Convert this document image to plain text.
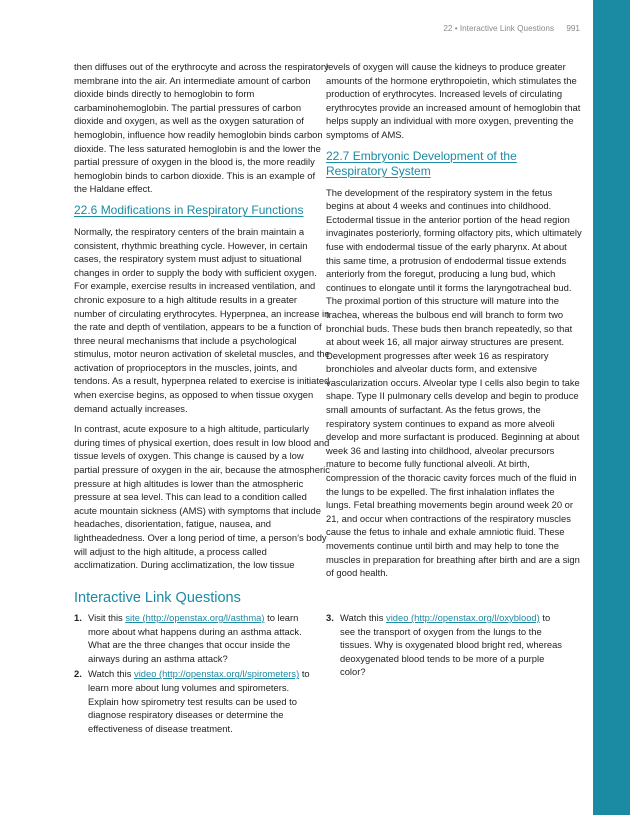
22 • Interactive Link Questions 991

then diffuses out of the erythrocyte and across the respiratory membrane into the air. An intermediate amount of carbon dioxide binds directly to hemoglobin to form carbaminohemoglobin. The partial pressures of carbon dioxide and oxygen, as well as the oxygen saturation of hemoglobin, influence how readily hemoglobin binds carbon dioxide. The less saturated hemoglobin is and the lower the partial pressure of oxygen in the blood is, the more readily hemoglobin binds to carbon dioxide. This is an example of the Haldane effect.

22.6 Modifications in Respiratory Functions

Normally, the respiratory centers of the brain maintain a consistent, rhythmic breathing cycle. However, in certain cases, the respiratory system must adjust to situational changes in order to supply the body with sufficient oxygen. For example, exercise results in increased ventilation, and chronic exposure to a high altitude results in a greater number of circulating erythrocytes. Hyperpnea, an increase in the rate and depth of ventilation, appears to be a function of three neural mechanisms that include a psychological stimulus, motor neuron activation of skeletal muscles, and the activation of proprioceptors in the muscles, joints, and tendons. As a result, hyperpnea related to exercise is initiated when exercise begins, as opposed to when tissue oxygen demand actually increases.

In contrast, acute exposure to a high altitude, particularly during times of physical exertion, does result in low blood and tissue levels of oxygen. This change is caused by a low partial pressure of oxygen in the air, because the atmospheric pressure at high altitudes is lower than the atmospheric pressure at sea level. This can lead to a condition called acute mountain sickness (AMS) with symptoms that include headaches, disorientation, fatigue, nausea, and lightheadedness. Over a long period of time, a person’s body will adjust to the high altitude, a process called acclimatization. During acclimatization, the low tissue

levels of oxygen will cause the kidneys to produce greater amounts of the hormone erythropoietin, which stimulates the production of erythrocytes. Increased levels of circulating erythrocytes provide an increased amount of hemoglobin that helps supply an individual with more oxygen, preventing the symptoms of AMS.

22.7 Embryonic Development of the
Respiratory System

The development of the respiratory system in the fetus begins at about 4 weeks and continues into childhood. Ectodermal tissue in the anterior portion of the head region invaginates posteriorly, forming olfactory pits, which ultimately fuse with endodermal tissue of the early pharynx. At about this same time, a protrusion of endodermal tissue extends anteriorly from the foregut, producing a lung bud, which continues to elongate until it forms the laryngotracheal bud. The proximal portion of this structure will mature into the trachea, whereas the bulbous end will branch to form two bronchial buds. These buds then branch repeatedly, so that at about week 16, all major airway structures are present. Development progresses after week 16 as respiratory bronchioles and alveolar ducts form, and extensive vascularization occurs. Alveolar type I cells also begin to take shape. Type II pulmonary cells develop and begin to produce small amounts of surfactant. As the fetus grows, the respiratory system continues to expand as more alveoli develop and more surfactant is produced. Beginning at about week 36 and lasting into childhood, alveolar precursors mature to become fully functional alveoli. At birth, compression of the thoracic cavity forces much of the fluid in the lungs to be expelled. The first inhalation inflates the lungs. Fetal breathing movements begin around week 20 or 21, and occur when contractions of the respiratory muscles cause the fetus to inhale and exhale amniotic fluid. These movements continue until birth and may help to tone the muscles in preparation for breathing after birth and are a sign of good health.

Interactive Link Questions
1. Visit this site (http://openstax.org/l/asthma) to learn more about what happens during an asthma attack. What are the three changes that occur inside the airways during an asthma attack?
2. Watch this video (http://openstax.org/l/spirometers) to learn more about lung volumes and spirometers. Explain how spirometry test results can be used to diagnose respiratory diseases or determine the effectiveness of disease treatment.
3. Watch this video (http://openstax.org/l/oxyblood) to see the transport of oxygen from the lungs to the tissues. Why is oxygenated blood bright red, whereas deoxygenated blood tends to be more of a purple color?
